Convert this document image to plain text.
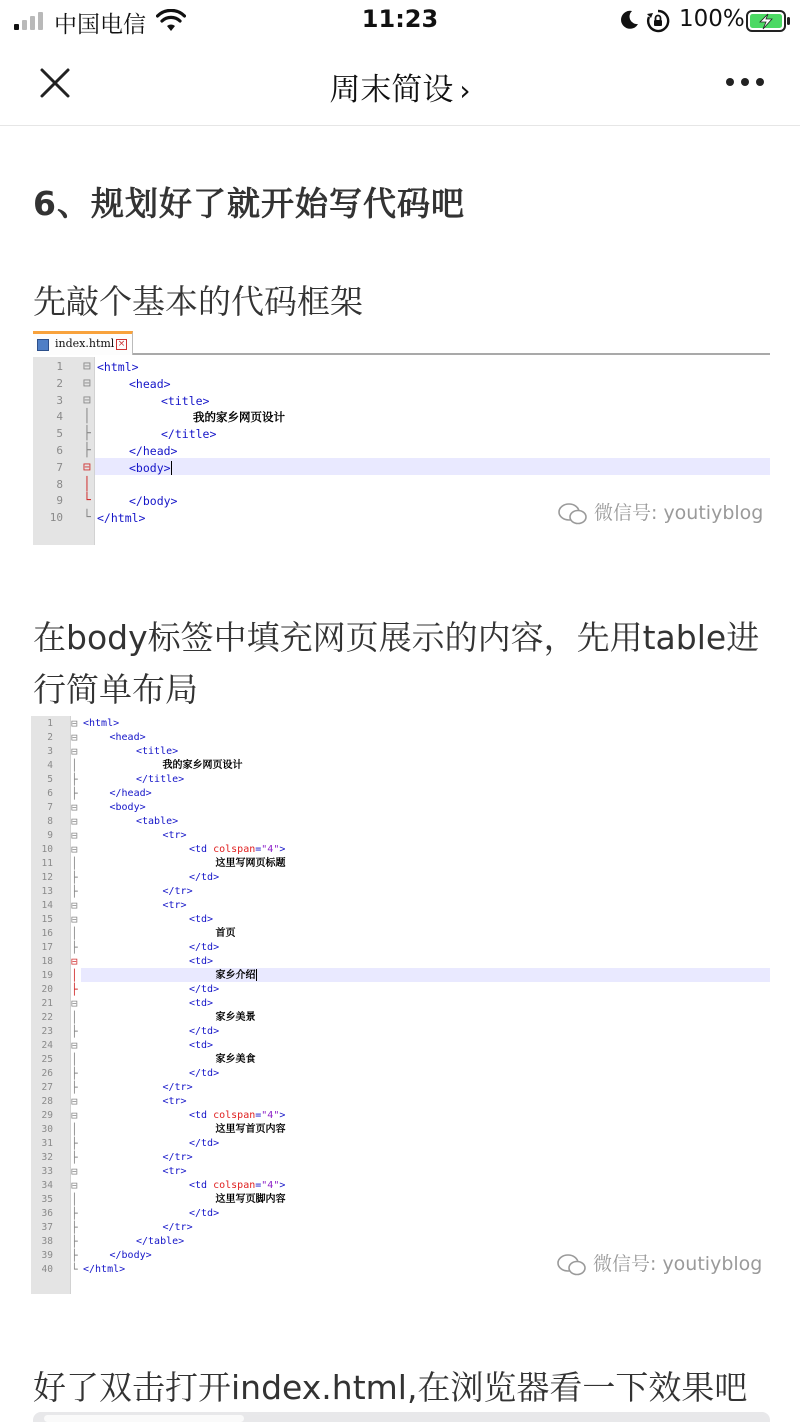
中国电信	11:23	100%
周末简设 ›
6、规划好了就开始写代码吧
先敲个基本的代码框架
index.html ×
1 ⊟ <html>
2 ⊟	<head>
3 ⊟	<title>
4 │	我的家乡网页设计
5 ├	</title>
6 ├	</head>
7 ⊟	<body>
8 │
9 └	</body>
10 └ </html>	微信号: youtiyblog
在body标签中填充网页展示的内容，先用table进行简单布局
1 ⊟ <html>
2 ⊟	<head>
3 ⊟	<title>
4 │	我的家乡网页设计
5 ├	</title>
6 ├	</head>
7 ⊟	<body>
8 ⊟	<table>
9 ⊟	<tr>
10 ⊟	<td colspan="4">
11 │	这里写网页标题
12 ├	</td>
13 ├	</tr>
14 ⊟	<tr>
15 ⊟	<td>
16 │	首页
17 ├	</td>
18 ⊟	<td>
19 │	家乡介绍
20 ├	</td>
21 ⊟	<td>
22 │	家乡美景
23 ├	</td>
24 ⊟	<td>
25 │	家乡美食
26 ├	</td>
27 ├	</tr>
28 ⊟	<tr>
29 ⊟	<td colspan="4">
30 │	这里写首页内容
31 ├	</td>
32 ├	</tr>
33 ⊟	<tr>
34 ⊟	<td colspan="4">
35 │	这里写页脚内容
36 ├	</td>
37 ├	</tr>
38 ├	</table>
39 ├	</body>
40 └ </html>	微信号: youtiyblog
好了双击打开index.html,在浏览器看一下效果吧
